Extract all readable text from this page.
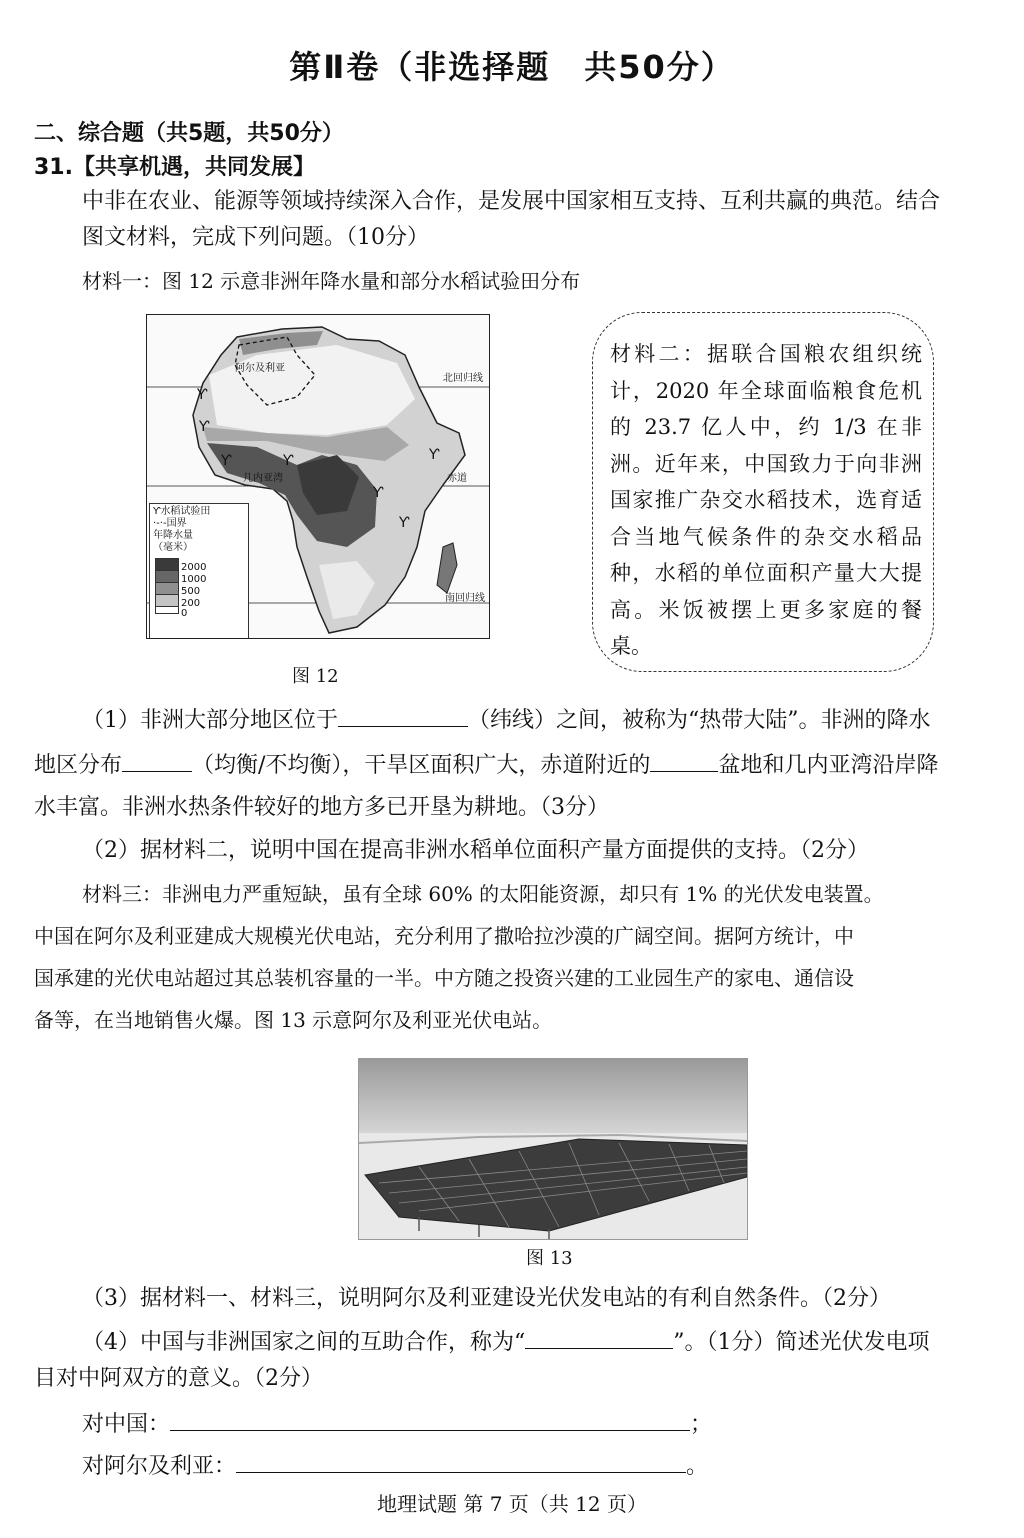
第Ⅱ卷（非选择题　共50分）
二、综合题（共5题，共50分）
31.【共享机遇，共同发展】
中非在农业、能源等领域持续深入合作，是发展中国家相互支持、互利共赢的典范。结合
图文材料，完成下列问题。（10分）
材料一：图 12 示意非洲年降水量和部分水稻试验田分布
Ƴ
Ƴ
Ƴ	Ƴ
Ƴ
Ƴ
Ƴ
阿尔及利亚
北回归线
赤道
南回归线
几内亚湾
Ƴ水稻试验田
·-·-国界
年降水量
（毫米）
2000
1000
500
200
0
图 12
材料二：据联合国粮农组织统计，2020 年全球面临粮食危机的 23.7 亿人中，约 1/3 在非洲。近年来，中国致力于向非洲国家推广杂交水稻技术，选育适合当地气候条件的杂交水稻品种，水稻的单位面积产量大大提高。米饭被摆上更多家庭的餐桌。
（1）非洲大部分地区位于	（纬线）之间，被称为“热带大陆”。非洲的降水
地区分布	（均衡/不均衡），干旱区面积广大，赤道附近的	盆地和几内亚湾沿岸降
水丰富。非洲水热条件较好的地方多已开垦为耕地。（3分）
（2）据材料二，说明中国在提高非洲水稻单位面积产量方面提供的支持。（2分）
材料三：非洲电力严重短缺，虽有全球 60% 的太阳能资源，却只有 1% 的光伏发电装置。
中国在阿尔及利亚建成大规模光伏电站，充分利用了撒哈拉沙漠的广阔空间。据阿方统计，中
国承建的光伏电站超过其总装机容量的一半。中方随之投资兴建的工业园生产的家电、通信设
备等，在当地销售火爆。图 13 示意阿尔及利亚光伏电站。
图 13
（3）据材料一、材料三，说明阿尔及利亚建设光伏发电站的有利自然条件。（2分）
（4）中国与非洲国家之间的互助合作，称为“	”。（1分）简述光伏发电项
目对中阿双方的意义。（2分）
对中国：	；
对阿尔及利亚：	。
地理试题 第 7 页（共 12 页）
